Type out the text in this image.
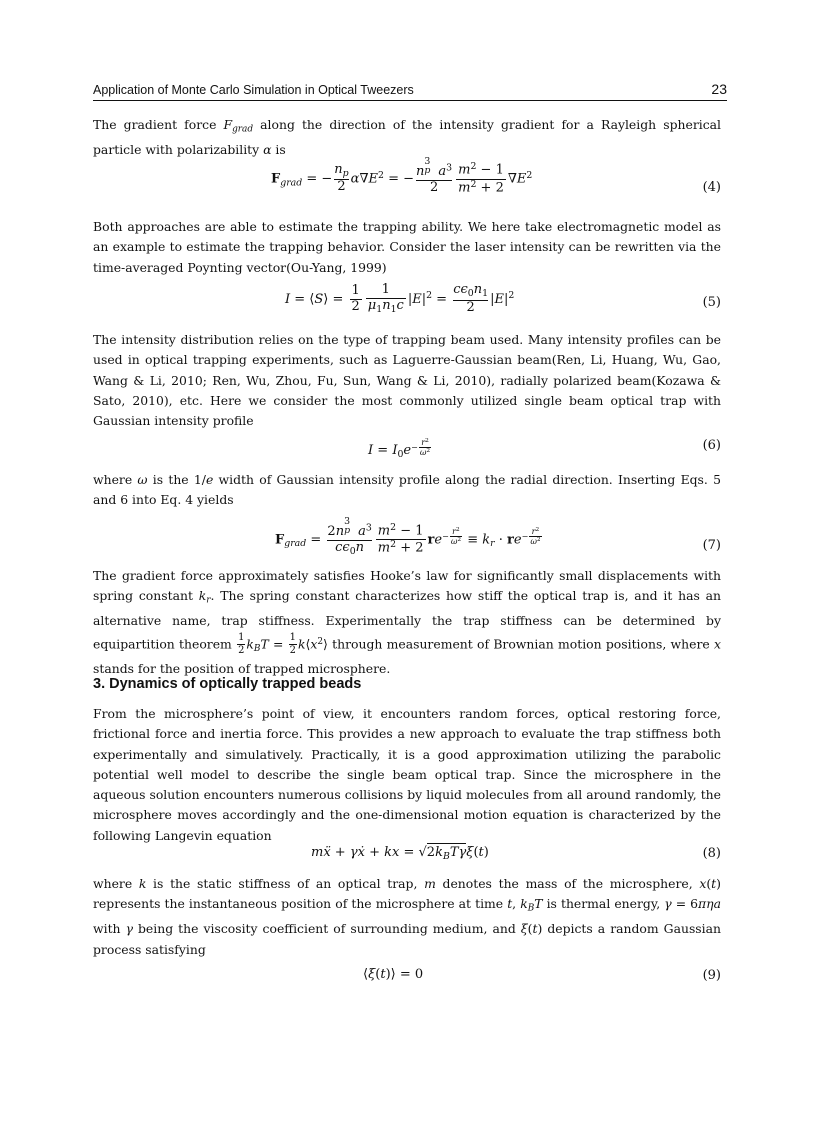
Application of Monte Carlo Simulation in Optical Tweezers	23

The gradient force $F_{grad}$ along the direction of the intensity gradient for a Rayleigh spherical particle with polarizability α is

$F_{grad}$ = − $\frac{n_p}{2} \alpha\nabla E^2$ = − n
3
p $a^3$
$2 \frac{m^2 - 1}{m^2 + 2} \nabla E^2$
(4)

Both approaches are able to estimate the trapping ability. We here take electromagnetic model as an example to estimate the trapping behavior. Consider the laser intensity can be rewritten via the time-averaged Poynting vector(Ou-Yang, 1999)

I = ⟨S⟩ = $\frac{1}{2} \frac{1}{\mu_1n_1c} |E|^2 = \frac{c\epsilon_0n_1}{2} |E|^2$	(5)

The intensity distribution relies on the type of trapping beam used. Many intensity profiles can be used in optical trapping experiments, such as Laguerre-Gaussian beam(Ren, Li, Huang, Wu, Gao, Wang & Li, 2010; Ren, Wu, Zhou, Fu, Sun, Wang & Li, 2010), radially polarized beam(Kozawa & Sato, 2010), etc. Here we consider the most commonly utilized single beam optical trap with Gaussian intensity profile

$I = I_0e- \frac{r^2}{\omega^2}$	(6)

where ω is the 1/e width of Gaussian intensity profile along the radial direction. Inserting Eqs. 5 and 6 into Eq. 4 yields

$F_{grad} = 2n$
3
p $a^3$
$c\epsilon_0n \frac{m^2 - 1}{m^2 + 2} re- \frac{r^2}{\omega^2} \equiv k_r \cdot re- \frac{r^2}{\omega^2}$	(7)

The gradient force approximately satisfies Hooke’s law for significantly small displacements with spring constant $k_r$. The spring constant characterizes how stiff the optical trap is, and it has an alternative name, trap stiffness. Experimentally the trap stiffness can be determined by equipartition theorem $\frac{1}{2} k_BT = \frac{1}{2}$ $k⟨x^2⟩$ through measurement of Brownian motion positions, where x stands for the position of trapped microsphere.

3. Dynamics of optically trapped beads

From the microsphere’s point of view, it encounters random forces, optical restoring force, frictional force and inertia force. This provides a new approach to evaluate the trap stiffness both experimentally and simulatively. Practically, it is a good approximation utilizing the parabolic potential well model to describe the single beam optical trap. Since the microsphere in the aqueous solution encounters numerous collisions by liquid molecules from all around randomly, the microsphere moves accordingly and the one-dimensional motion equation is characterized by the following Langevin equation

mẍ + γẋ + kx = $√2k_BT\gamma\xi(t)$	(8)

where k is the static stiffness of an optical trap, m denotes the mass of the microsphere, x(t) represents the instantaneous position of the microsphere at time t, $k_BT$ is thermal energy, γ = 6πηa with γ being the viscosity coefficient of surrounding medium, and ξ(t) depicts a random Gaussian process satisfying

⟨ξ(t)⟩ = 0	(9)
